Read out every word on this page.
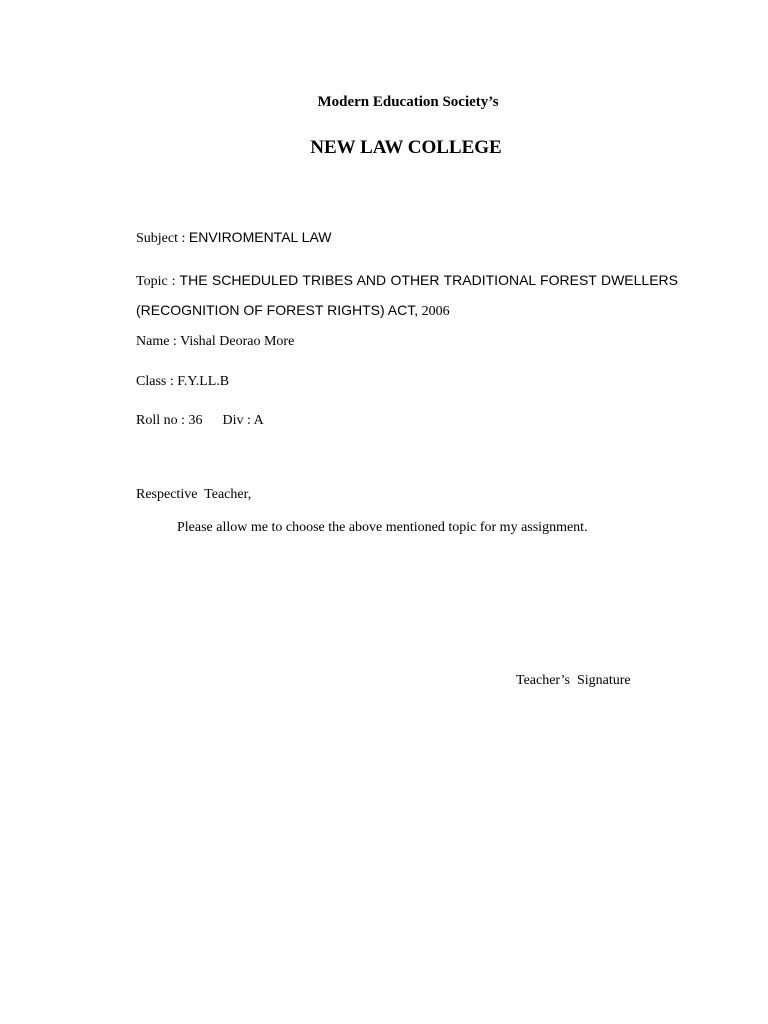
Modern Education Society’s
NEW LAW COLLEGE
Subject : ENVIROMENTAL LAW
Topic : THE SCHEDULED TRIBES AND OTHER TRADITIONAL FOREST DWELLERS (RECOGNITION OF FOREST RIGHTS) ACT, 2006
Name : Vishal Deorao More
Class : F.Y.LL.B
Roll no : 36 Div : A
Respective  Teacher,
Please allow me to choose the above mentioned topic for my assignment.
Teacher’s  Signature
